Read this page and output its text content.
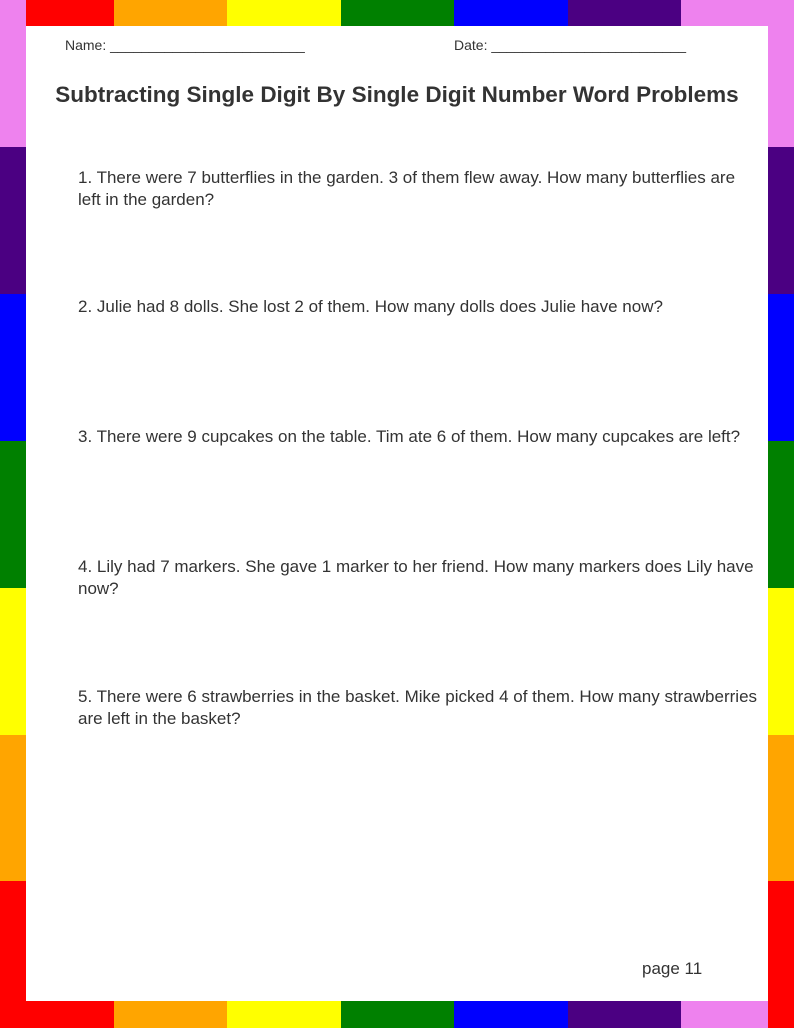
Name: _________________________	Date: _________________________
Subtracting Single Digit By Single Digit Number Word Problems
1. There were 7 butterflies in the garden. 3 of them flew away. How many butterflies are left in the garden?
2. Julie had 8 dolls. She lost 2 of them. How many dolls does Julie have now?
3. There were 9 cupcakes on the table. Tim ate 6 of them. How many cupcakes are left?
4. Lily had 7 markers. She gave 1 marker to her friend. How many markers does Lily have now?
5. There were 6 strawberries in the basket. Mike picked 4 of them. How many strawberries are left in the basket?
page 11
